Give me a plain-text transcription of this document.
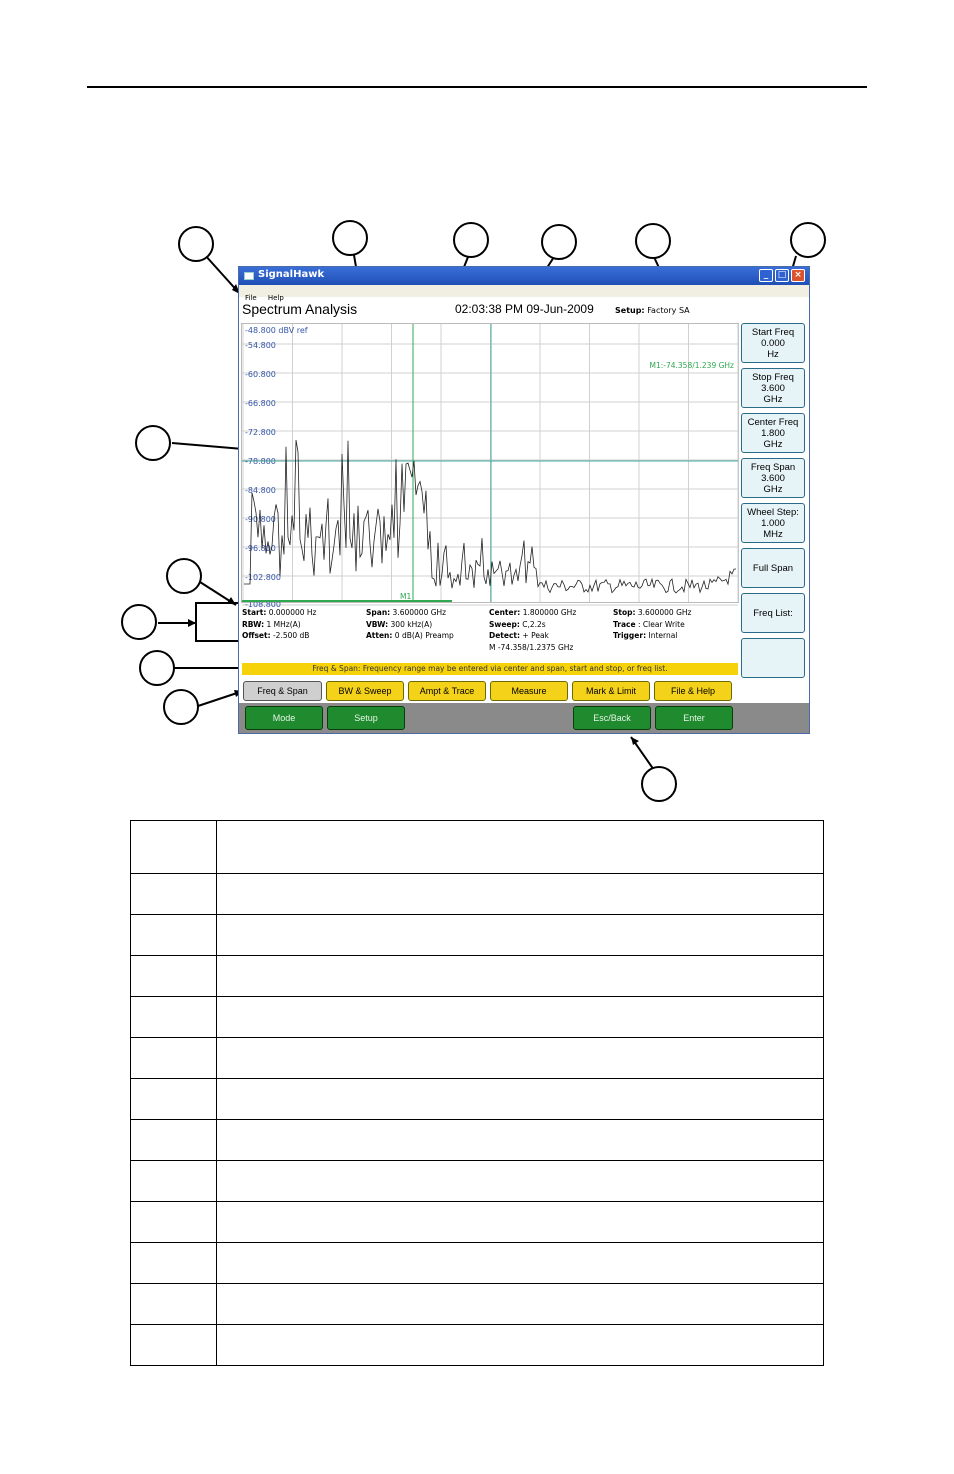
SignalHawk	_	□ ×
File Help
Spectrum Analysis	02:03:38 PM 09-Jun-2009	Setup: Factory SA
-48.800 dBV ref
-54.800
-60.800
-66.800
-72.800
-78.800
-84.800
-90.800
-96.800
-102.800
-108.800
M1:-74.358/1.239 GHz
M1
Start: 0.000000 Hz
RBW: 1 MHz(A)
Offset: -2.500 dB
Span: 3.600000 GHz
VBW: 300 kHz(A)
Atten: 0 dB(A) Preamp
Center: 1.800000 GHz
Sweep: C,2.2s
Detect: + Peak
M -74.358/1.2375 GHz
Stop: 3.600000 GHz
Trace : Clear Write
Trigger: Internal
Freq & Span: Frequency range may be entered via center and span, start and stop, or freq list.
Freq & Span	BW & Sweep	Ampt & Trace	Measure	Mark & Limit	File & Help
Mode	Setup	Esc/Back	Enter
Start Freq
0.000
Hz
Stop Freq
3.600
GHz
Center Freq
1.800
GHz
Freq Span
3.600
GHz
Wheel Step:
1.000
MHz
Full Span
Freq List:
